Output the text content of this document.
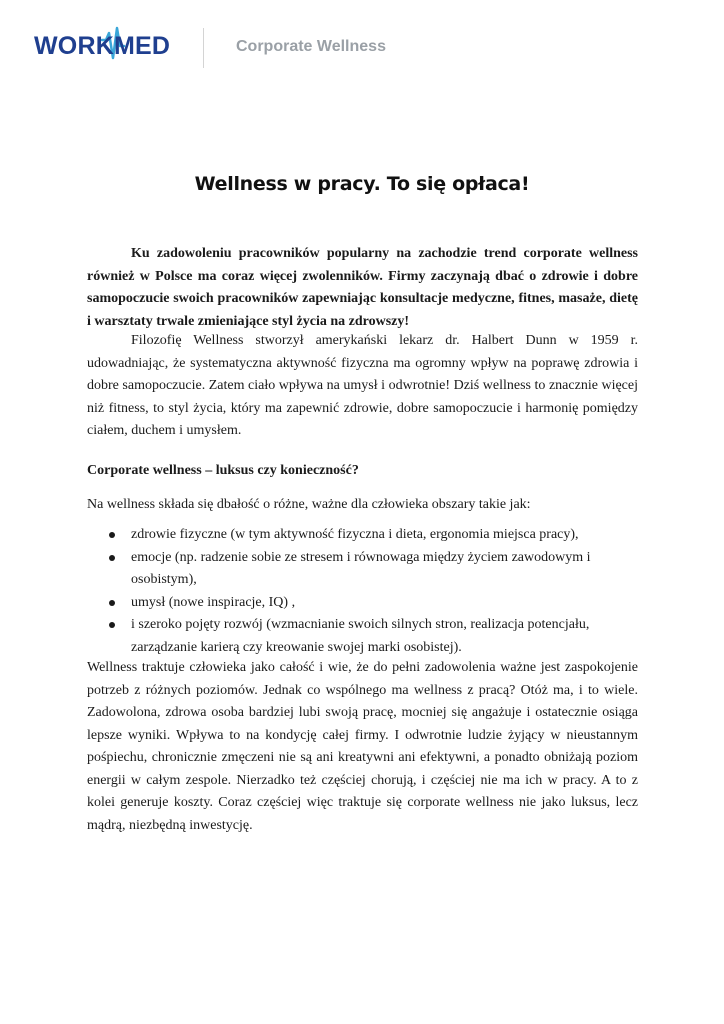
WORKMED	Corporate Wellness
Wellness w pracy. To się opłaca!

Ku zadowoleniu pracowników popularny na zachodzie trend corporate wellness również w Polsce ma coraz więcej zwolenników. Firmy zaczynają dbać o zdrowie i dobre samopoczucie swoich pracowników zapewniając konsultacje medyczne, fitnes, masaże, dietę i warsztaty trwale zmieniające styl życia na zdrowszy!

Filozofię Wellness stworzył amerykański lekarz dr. Halbert Dunn w 1959 r. udowadniając, że systematyczna aktywność fizyczna ma ogromny wpływ na poprawę zdrowia i dobre samopoczucie. Zatem ciało wpływa na umysł i odwrotnie! Dziś wellness to znacznie więcej niż fitness, to styl życia, który ma zapewnić zdrowie, dobre samopoczucie i harmonię pomiędzy ciałem, duchem i umysłem.

Corporate wellness – luksus czy konieczność?

Na wellness składa się dbałość o różne, ważne dla człowieka obszary takie jak:

zdrowie fizyczne (w tym aktywność fizyczna i dieta, ergonomia miejsca pracy),
emocje (np. radzenie sobie ze stresem i równowaga między życiem zawodowym i osobistym),
umysł (nowe inspiracje, IQ) ,
i szeroko pojęty rozwój (wzmacnianie swoich silnych stron, realizacja potencjału, zarządzanie karierą czy kreowanie swojej marki osobistej).

Wellness traktuje człowieka jako całość i wie, że do pełni zadowolenia ważne jest zaspokojenie potrzeb z różnych poziomów. Jednak co wspólnego ma wellness z pracą? Otóż ma, i to wiele. Zadowolona, zdrowa osoba bardziej lubi swoją pracę, mocniej się angażuje i ostatecznie osiąga lepsze wyniki. Wpływa to na kondycję całej firmy. I odwrotnie ludzie żyjący w nieustannym pośpiechu, chronicznie zmęczeni nie są ani kreatywni ani efektywni, a ponadto obniżają poziom energii w całym zespole. Nierzadko też częściej chorują, i częściej nie ma ich w pracy. A to z kolei generuje koszty. Coraz częściej więc traktuje się corporate wellness nie jako luksus, lecz mądrą, niezbędną inwestycję.
